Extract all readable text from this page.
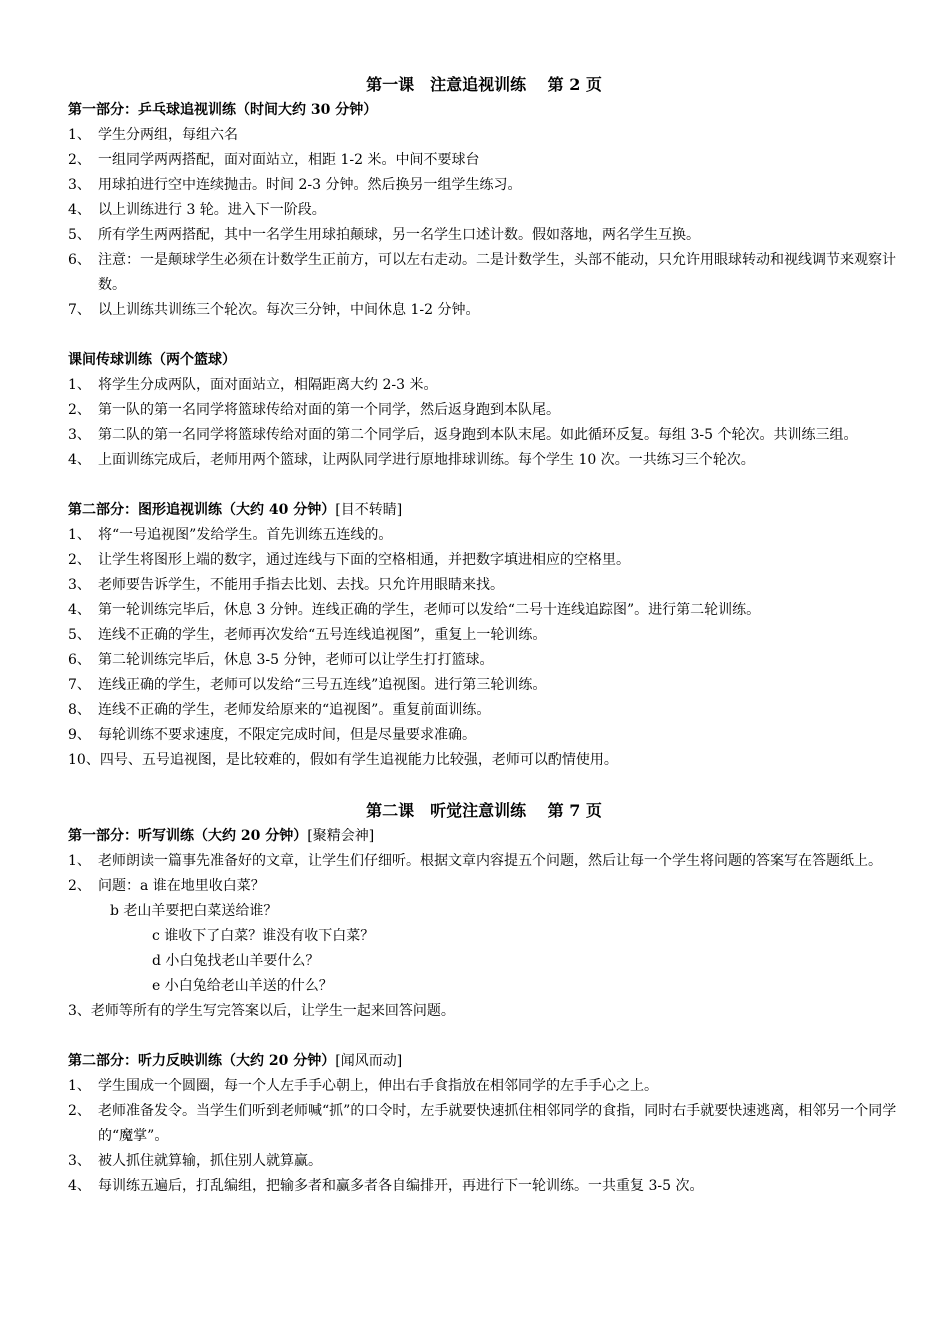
第一课　注意追视训练　 第 2 页
第一部分：乒乓球追视训练（时间大约 30 分钟）
1、 学生分两组，每组六名
2、 一组同学两两搭配，面对面站立，相距 1-2 米。中间不要球台
3、 用球拍进行空中连续抛击。时间 2-3 分钟。然后换另一组学生练习。
4、 以上训练进行 3 轮。进入下一阶段。
5、 所有学生两两搭配，其中一名学生用球拍颠球，另一名学生口述计数。假如落地，两名学生互换。
6、 注意：一是颠球学生必须在计数学生正前方，可以左右走动。二是计数学生，头部不能动，只允许用眼球转动和视线调节来观察计数。
7、 以上训练共训练三个轮次。每次三分钟，中间休息 1-2 分钟。
课间传球训练（两个篮球）
1、 将学生分成两队，面对面站立，相隔距离大约 2-3 米。
2、 第一队的第一名同学将篮球传给对面的第一个同学，然后返身跑到本队尾。
3、 第二队的第一名同学将篮球传给对面的第二个同学后，返身跑到本队末尾。如此循环反复。每组 3-5 个轮次。共训练三组。
4、 上面训练完成后，老师用两个篮球，让两队同学进行原地排球训练。每个学生 10 次。一共练习三个轮次。
第二部分：图形追视训练（大约 40 分钟）[目不转睛]
1、 将“一号追视图”发给学生。首先训练五连线的。
2、 让学生将图形上端的数字，通过连线与下面的空格相通，并把数字填进相应的空格里。
3、 老师要告诉学生，不能用手指去比划、去找。只允许用眼睛来找。
4、 第一轮训练完毕后，休息 3 分钟。连线正确的学生，老师可以发给“二号十连线追踪图”。进行第二轮训练。
5、 连线不正确的学生，老师再次发给“五号连线追视图”，重复上一轮训练。
6、 第二轮训练完毕后，休息 3-5 分钟，老师可以让学生打打篮球。
7、 连线正确的学生，老师可以发给“三号五连线”追视图。进行第三轮训练。
8、 连线不正确的学生，老师发给原来的“追视图”。重复前面训练。
9、 每轮训练不要求速度，不限定完成时间，但是尽量要求准确。
10、 四号、五号追视图，是比较难的，假如有学生追视能力比较强，老师可以酌情使用。
第二课　听觉注意训练　 第 7 页
第一部分：听写训练（大约 20 分钟）[聚精会神]
1、 老师朗读一篇事先准备好的文章，让学生们仔细听。根据文章内容提五个问题，然后让每一个学生将问题的答案写在答题纸上。
2、 问题：a 谁在地里收白菜？
b 老山羊要把白菜送给谁？
c 谁收下了白菜？谁没有收下白菜？
d 小白兔找老山羊要什么？
e 小白兔给老山羊送的什么？
3、老师等所有的学生写完答案以后，让学生一起来回答问题。
第二部分：听力反映训练（大约 20 分钟）[闻风而动]
1、 学生围成一个圆圈，每一个人左手手心朝上，伸出右手食指放在相邻同学的左手手心之上。
2、 老师准备发令。当学生们听到老师喊“抓”的口令时，左手就要快速抓住相邻同学的食指，同时右手就要快速逃离，相邻另一个同学的“魔掌”。
3、 被人抓住就算输，抓住别人就算赢。
4、 每训练五遍后，打乱编组，把输多者和赢多者各自编排开，再进行下一轮训练。一共重复 3-5 次。
